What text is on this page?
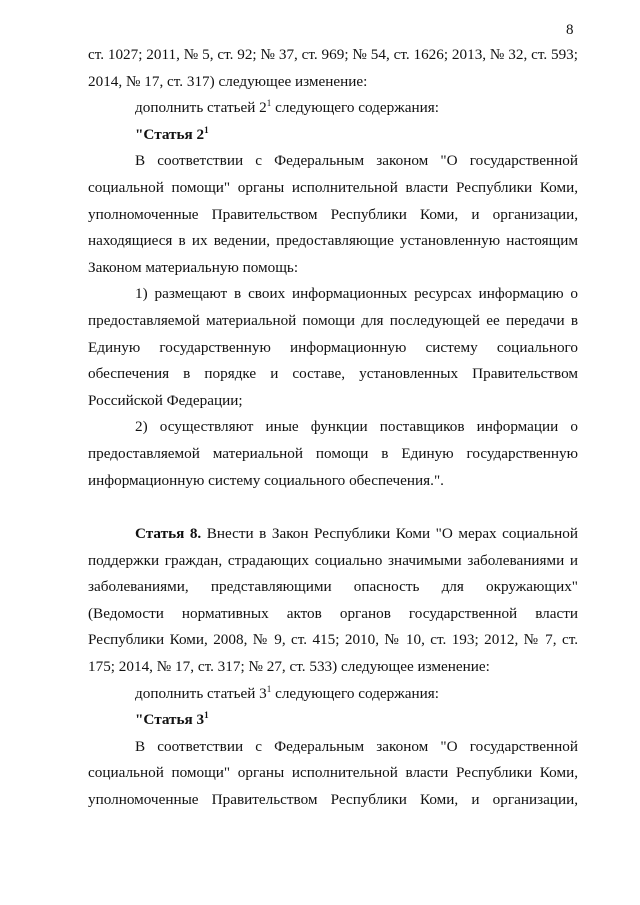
8

ст. 1027; 2011, № 5, ст. 92; № 37, ст. 969; № 54, ст. 1626; 2013, № 32, ст. 593; 2014, № 17, ст. 317) следующее изменение:

дополнить статьей $2^1$ следующего содержания:

"Статья $2^1$

В соответствии с Федеральным законом "О государственной социальной помощи" органы исполнительной власти Республики Коми, уполномоченные Правительством Республики Коми, и организации, находящиеся в их ведении, предоставляющие установленную настоящим Законом материальную помощь:

1) размещают в своих информационных ресурсах информацию о предоставляемой материальной помощи для последующей ее передачи в Единую государственную информационную систему социального обеспечения в порядке и составе, установленных Правительством Российской Федерации;

2) осуществляют иные функции поставщиков информации о предоставляемой материальной помощи в Единую государственную информационную систему социального обеспечения.".

Статья 8. Внести в Закон Республики Коми "О мерах социальной поддержки граждан, страдающих социально значимыми заболеваниями и заболеваниями, представляющими опасность для окружающих" (Ведомости нормативных актов органов государственной власти Республики Коми, 2008, № 9, ст. 415; 2010, № 10, ст. 193; 2012, № 7, ст. 175; 2014, № 17, ст. 317; № 27, ст. 533) следующее изменение:

дополнить статьей $3^1$ следующего содержания:

"Статья $3^1$

В соответствии с Федеральным законом "О государственной социальной помощи" органы исполнительной власти Республики Коми, уполномоченные Правительством Республики Коми, и организации,
